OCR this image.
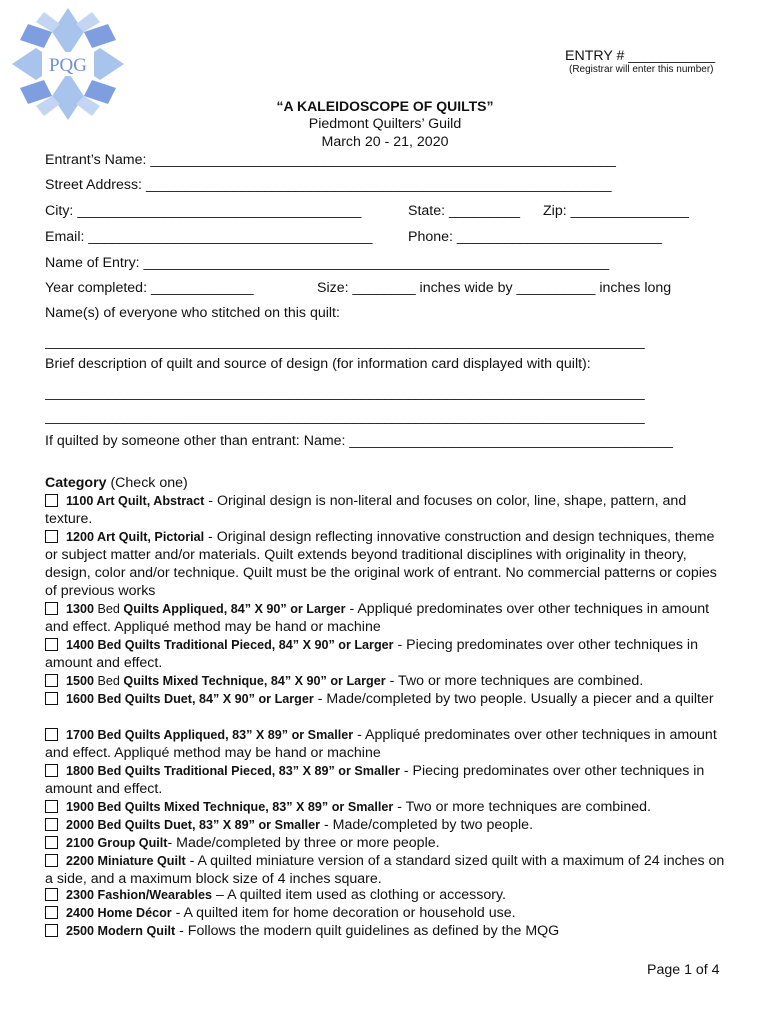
PQG	ENTRY # ___________
(Registrar will enter this number)
“A KALEIDOSCOPE OF QUILTS”
Piedmont Quilters’ Guild
March 20 - 21, 2020
Entrant’s Name: ___________________________________________________________
Street Address: ___________________________________________________________
City: ____________________________________	State: _________ Zip: _______________
Email: ____________________________________	Phone: __________________________
Name of Entry: ___________________________________________________________
Year completed: _____________	Size: ________ inches wide by __________ inches long
Name(s) of everyone who stitched on this quilt:
____________________________________________________________________________
Brief description of quilt and source of design (for information card displayed with quilt):
____________________________________________________________________________
____________________________________________________________________________
If quilted by someone other than entrant: Name: _________________________________________
Category (Check one)
1100 Art Quilt, Abstract - Original design is non-literal and focuses on color, line, shape, pattern, and texture.
1200 Art Quilt, Pictorial - Original design reflecting innovative construction and design techniques, theme or subject matter and/or materials. Quilt extends beyond traditional disciplines with originality in theory, design, color and/or technique. Quilt must be the original work of entrant. No commercial patterns or copies of previous works
1300 Bed Quilts Appliqued, 84” X 90” or Larger - Appliqué predominates over other techniques in amount and effect. Appliqué method may be hand or machine
1400 Bed Quilts Traditional Pieced, 84” X 90” or Larger - Piecing predominates over other techniques in amount and effect.
1500 Bed Quilts Mixed Technique, 84” X 90” or Larger - Two or more techniques are combined.
1600 Bed Quilts Duet, 84” X 90” or Larger - Made/completed by two people. Usually a piecer and a quilter
1700 Bed Quilts Appliqued, 83” X 89” or Smaller - Appliqué predominates over other techniques in amount and effect. Appliqué method may be hand or machine
1800 Bed Quilts Traditional Pieced, 83” X 89” or Smaller - Piecing predominates over other techniques in amount and effect.
1900 Bed Quilts Mixed Technique, 83” X 89” or Smaller - Two or more techniques are combined.
2000 Bed Quilts Duet, 83” X 89” or Smaller - Made/completed by two people.
2100 Group Quilt- Made/completed by three or more people.
2200 Miniature Quilt - A quilted miniature version of a standard sized quilt with a maximum of 24 inches on a side, and a maximum block size of 4 inches square.
2300 Fashion/Wearables – A quilted item used as clothing or accessory.
2400 Home Décor - A quilted item for home decoration or household use.
2500 Modern Quilt - Follows the modern quilt guidelines as defined by the MQG
Page 1 of 4
